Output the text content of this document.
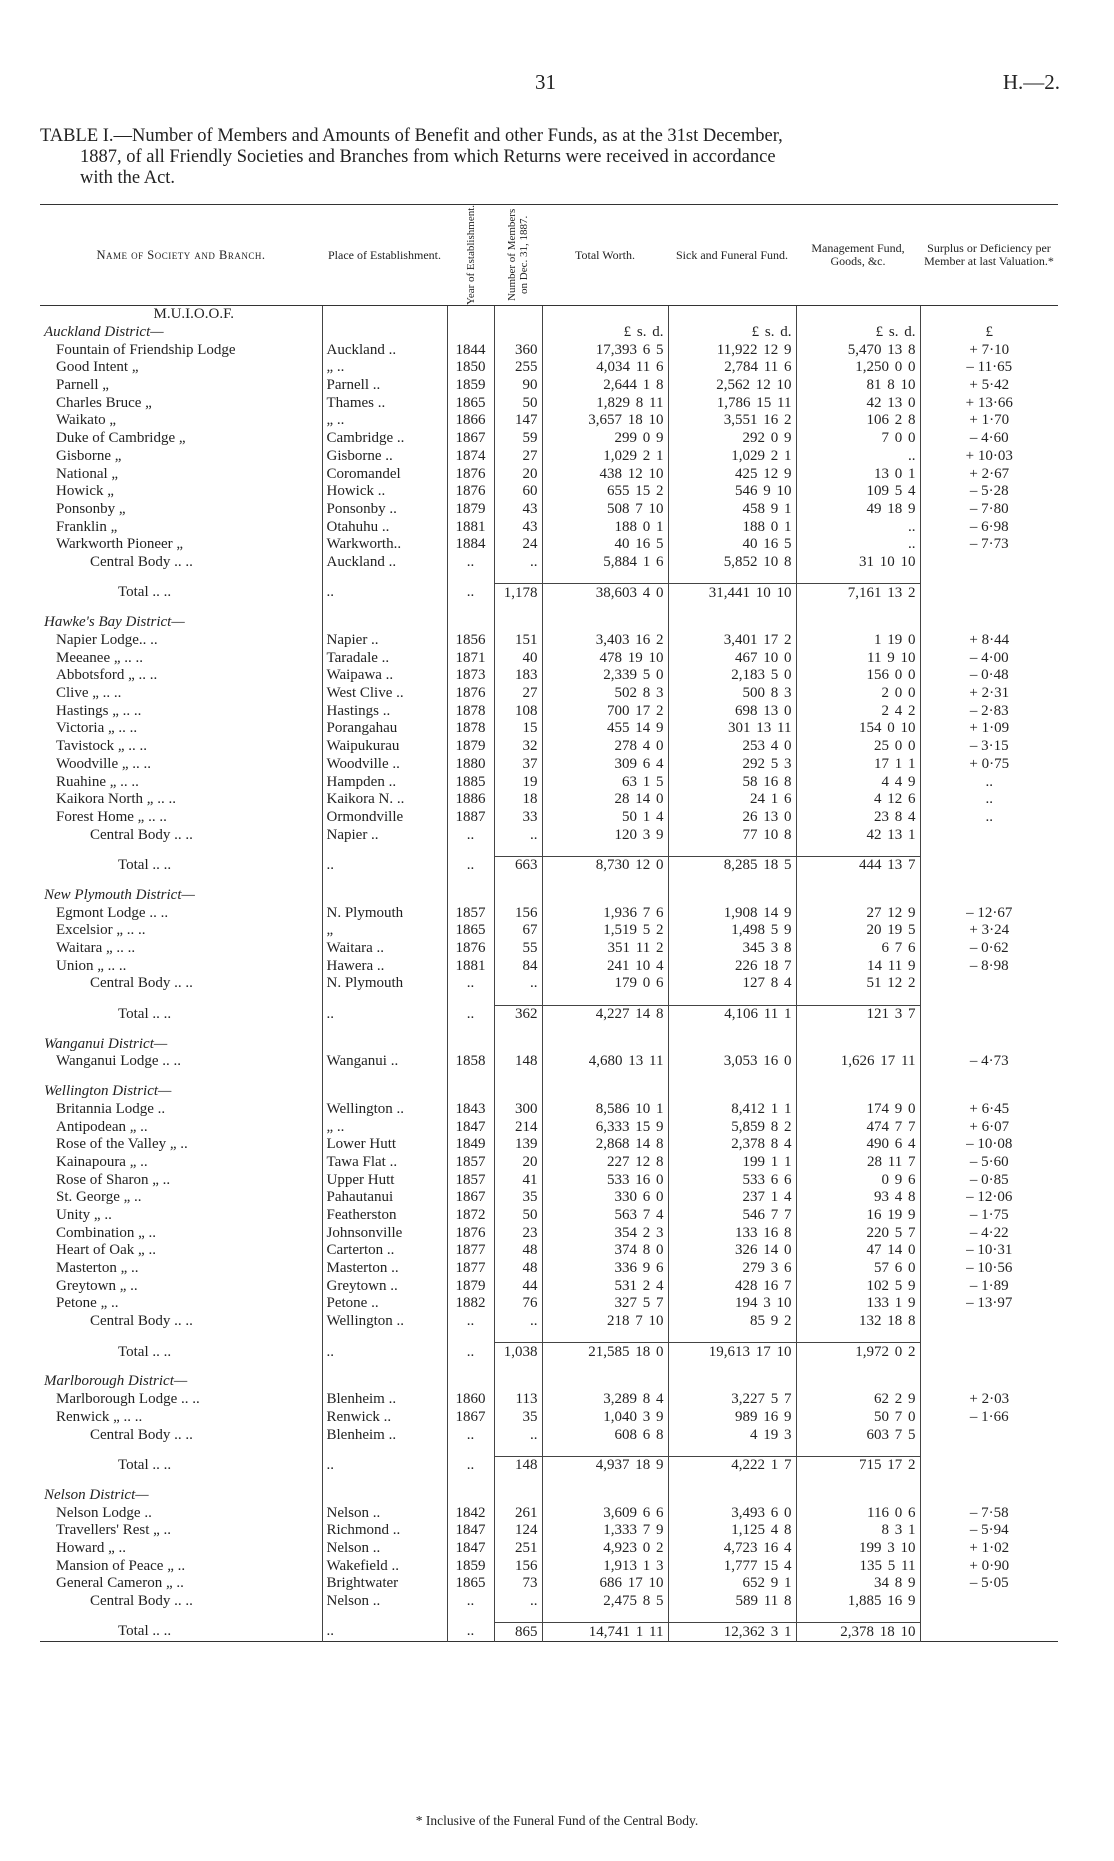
31	H.—2.
TABLE I.—Number of Members and Amounts of Benefit and other Funds, as at the 31st December,
1887, of all Friendly Societies and Branches from which Returns were received in accordance
with the Act.
Name of Society and Branch.	Place of Establishment.	Year of Establishment.	Number of Members on Dec. 31, 1887.	Total Worth.	Sick and Funeral Fund.	Management Fund, Goods, &c.	Surplus or Deficiency per Member at last Valuation.*
M.U.I.O.O.F.							
Auckland District—				£ s. d.	£ s. d.	£ s. d.	£
Fountain of Friendship Lodge	Auckland ..	1844	360	17,393 6 5	11,922 12 9	5,470 13 8	+ 7·10
Good Intent „	„ ..	1850	255	4,034 11 6	2,784 11 6	1,250 0 0	– 11·65
Parnell „	Parnell ..	1859	90	2,644 1 8	2,562 12 10	81 8 10	+ 5·42
Charles Bruce „	Thames ..	1865	50	1,829 8 11	1,786 15 11	42 13 0	+ 13·66
Waikato „	„ ..	1866	147	3,657 18 10	3,551 16 2	106 2 8	+ 1·70
Duke of Cambridge „	Cambridge ..	1867	59	299 0 9	292 0 9	7 0 0	– 4·60
Gisborne „	Gisborne ..	1874	27	1,029 2 1	1,029 2 1	..	+ 10·03
National „	Coromandel	1876	20	438 12 10	425 12 9	13 0 1	+ 2·67
Howick „	Howick ..	1876	60	655 15 2	546 9 10	109 5 4	– 5·28
Ponsonby „	Ponsonby ..	1879	43	508 7 10	458 9 1	49 18 9	– 7·80
Franklin „	Otahuhu ..	1881	43	188 0 1	188 0 1	..	– 6·98
Warkworth Pioneer „	Warkworth..	1884	24	40 16 5	40 16 5	..	– 7·73
Central Body .. ..	Auckland ..	..	..	5,884 1 6	5,852 10 8	31 10 10	

Total .. ..	..	..	1,178	38,603 4 0	31,441 10 10	7,161 13 2	

Hawke's Bay District—							
Napier Lodge.. ..	Napier ..	1856	151	3,403 16 2	3,401 17 2	1 19 0	+ 8·44
Meeanee „ .. ..	Taradale ..	1871	40	478 19 10	467 10 0	11 9 10	– 4·00
Abbotsford „ .. ..	Waipawa ..	1873	183	2,339 5 0	2,183 5 0	156 0 0	– 0·48
Clive „ .. ..	West Clive ..	1876	27	502 8 3	500 8 3	2 0 0	+ 2·31
Hastings „ .. ..	Hastings ..	1878	108	700 17 2	698 13 0	2 4 2	– 2·83
Victoria „ .. ..	Porangahau	1878	15	455 14 9	301 13 11	154 0 10	+ 1·09
Tavistock „ .. ..	Waipukurau	1879	32	278 4 0	253 4 0	25 0 0	– 3·15
Woodville „ .. ..	Woodville ..	1880	37	309 6 4	292 5 3	17 1 1	+ 0·75
Ruahine „ .. ..	Hampden ..	1885	19	63 1 5	58 16 8	4 4 9	..
Kaikora North „ .. ..	Kaikora N. ..	1886	18	28 14 0	24 1 6	4 12 6	..
Forest Home „ .. ..	Ormondville	1887	33	50 1 4	26 13 0	23 8 4	..
Central Body .. ..	Napier ..	..	..	120 3 9	77 10 8	42 13 1	

Total .. ..	..	..	663	8,730 12 0	8,285 18 5	444 13 7	

New Plymouth District—							
Egmont Lodge .. ..	N. Plymouth	1857	156	1,936 7 6	1,908 14 9	27 12 9	– 12·67
Excelsior „ .. ..	„	1865	67	1,519 5 2	1,498 5 9	20 19 5	+ 3·24
Waitara „ .. ..	Waitara ..	1876	55	351 11 2	345 3 8	6 7 6	– 0·62
Union „ .. ..	Hawera ..	1881	84	241 10 4	226 18 7	14 11 9	– 8·98
Central Body .. ..	N. Plymouth	..	..	179 0 6	127 8 4	51 12 2	

Total .. ..	..	..	362	4,227 14 8	4,106 11 1	121 3 7	

Wanganui District—							
Wanganui Lodge .. ..	Wanganui ..	1858	148	4,680 13 11	3,053 16 0	1,626 17 11	– 4·73

Wellington District—							
Britannia Lodge ..	Wellington ..	1843	300	8,586 10 1	8,412 1 1	174 9 0	+ 6·45
Antipodean „ ..	„ ..	1847	214	6,333 15 9	5,859 8 2	474 7 7	+ 6·07
Rose of the Valley „ ..	Lower Hutt	1849	139	2,868 14 8	2,378 8 4	490 6 4	– 10·08
Kainapoura „ ..	Tawa Flat ..	1857	20	227 12 8	199 1 1	28 11 7	– 5·60
Rose of Sharon „ ..	Upper Hutt	1857	41	533 16 0	533 6 6	0 9 6	– 0·85
St. George „ ..	Pahautanui	1867	35	330 6 0	237 1 4	93 4 8	– 12·06
Unity „ ..	Featherston	1872	50	563 7 4	546 7 7	16 19 9	– 1·75
Combination „ ..	Johnsonville	1876	23	354 2 3	133 16 8	220 5 7	– 4·22
Heart of Oak „ ..	Carterton ..	1877	48	374 8 0	326 14 0	47 14 0	– 10·31
Masterton „ ..	Masterton ..	1877	48	336 9 6	279 3 6	57 6 0	– 10·56
Greytown „ ..	Greytown ..	1879	44	531 2 4	428 16 7	102 5 9	– 1·89
Petone „ ..	Petone ..	1882	76	327 5 7	194 3 10	133 1 9	– 13·97
Central Body .. ..	Wellington ..	..	..	218 7 10	85 9 2	132 18 8	

Total .. ..	..	..	1,038	21,585 18 0	19,613 17 10	1,972 0 2	

Marlborough District—							
Marlborough Lodge .. ..	Blenheim ..	1860	113	3,289 8 4	3,227 5 7	62 2 9	+ 2·03
Renwick „ .. ..	Renwick ..	1867	35	1,040 3 9	989 16 9	50 7 0	– 1·66
Central Body .. ..	Blenheim ..	..	..	608 6 8	4 19 3	603 7 5	

Total .. ..	..	..	148	4,937 18 9	4,222 1 7	715 17 2	

Nelson District—							
Nelson Lodge ..	Nelson ..	1842	261	3,609 6 6	3,493 6 0	116 0 6	– 7·58
Travellers' Rest „ ..	Richmond ..	1847	124	1,333 7 9	1,125 4 8	8 3 1	– 5·94
Howard „ ..	Nelson ..	1847	251	4,923 0 2	4,723 16 4	199 3 10	+ 1·02
Mansion of Peace „ ..	Wakefield ..	1859	156	1,913 1 3	1,777 15 4	135 5 11	+ 0·90
General Cameron „ ..	Brightwater	1865	73	686 17 10	652 9 1	34 8 9	– 5·05
Central Body .. ..	Nelson ..	..	..	2,475 8 5	589 11 8	1,885 16 9	

Total .. ..	..	..	865	14,741 1 11	12,362 3 1	2,378 18 10	

* Inclusive of the Funeral Fund of the Central Body.
